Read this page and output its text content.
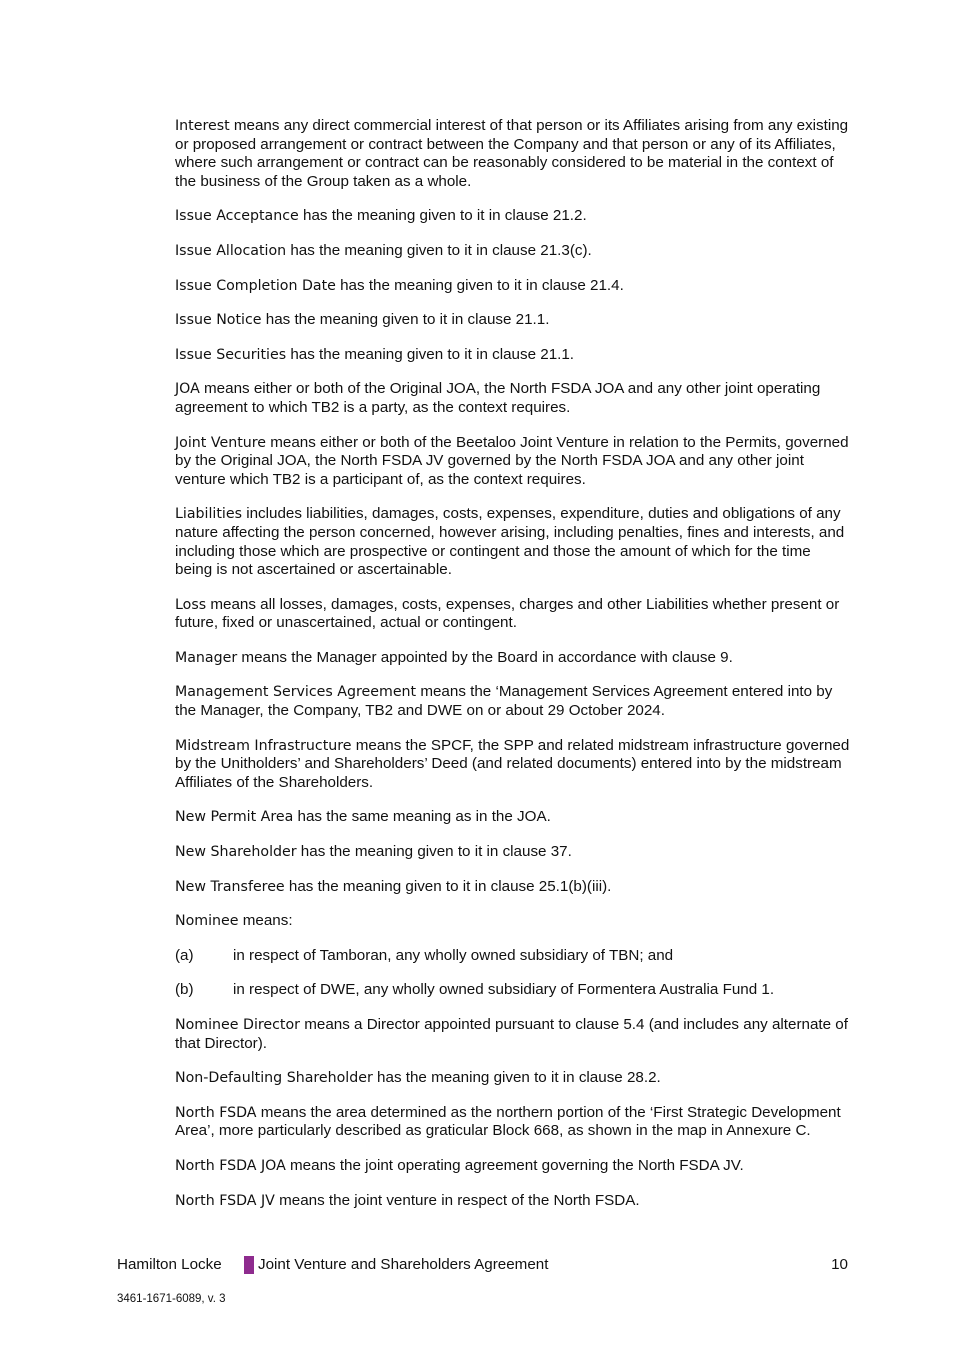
Interest means any direct commercial interest of that person or its Affiliates arising from any existing or proposed arrangement or contract between the Company and that person or any of its Affiliates, where such arrangement or contract can be reasonably considered to be material in the context of the business of the Group taken as a whole.

Issue Acceptance has the meaning given to it in clause 21.2.

Issue Allocation has the meaning given to it in clause 21.3(c).

Issue Completion Date has the meaning given to it in clause 21.4.

Issue Notice has the meaning given to it in clause 21.1.

Issue Securities has the meaning given to it in clause 21.1.

JOA means either or both of the Original JOA, the North FSDA JOA and any other joint operating agreement to which TB2 is a party, as the context requires.

Joint Venture means either or both of the Beetaloo Joint Venture in relation to the Permits, governed by the Original JOA, the North FSDA JV governed by the North FSDA JOA and any other joint venture which TB2 is a participant of, as the context requires.

Liabilities includes liabilities, damages, costs, expenses, expenditure, duties and obligations of any nature affecting the person concerned, however arising, including penalties, fines and interests, and including those which are prospective or contingent and those the amount of which for the time being is not ascertained or ascertainable.

Loss means all losses, damages, costs, expenses, charges and other Liabilities whether present or future, fixed or unascertained, actual or contingent.

Manager means the Manager appointed by the Board in accordance with clause 9.

Management Services Agreement means the ‘Management Services Agreement entered into by the Manager, the Company, TB2 and DWE on or about 29 October 2024.

Midstream Infrastructure means the SPCF, the SPP and related midstream infrastructure governed by the Unitholders’ and Shareholders’ Deed (and related documents) entered into by the midstream Affiliates of the Shareholders.

New Permit Area has the same meaning as in the JOA.

New Shareholder has the meaning given to it in clause 37.

New Transferee has the meaning given to it in clause 25.1(b)(iii).

Nominee means:

(a)	in respect of Tamboran, any wholly owned subsidiary of TBN; and
(b)	in respect of DWE, any wholly owned subsidiary of Formentera Australia Fund 1.

Nominee Director means a Director appointed pursuant to clause 5.4 (and includes any alternate of that Director).

Non-Defaulting Shareholder has the meaning given to it in clause 28.2.

North FSDA means the area determined as the northern portion of the ‘First Strategic Development Area’, more particularly described as graticular Block 668, as shown in the map in Annexure C.

North FSDA JOA means the joint operating agreement governing the North FSDA JV.

North FSDA JV means the joint venture in respect of the North FSDA.

Hamilton Locke Joint Venture and Shareholders Agreement	10
3461-1671-6089, v. 3
